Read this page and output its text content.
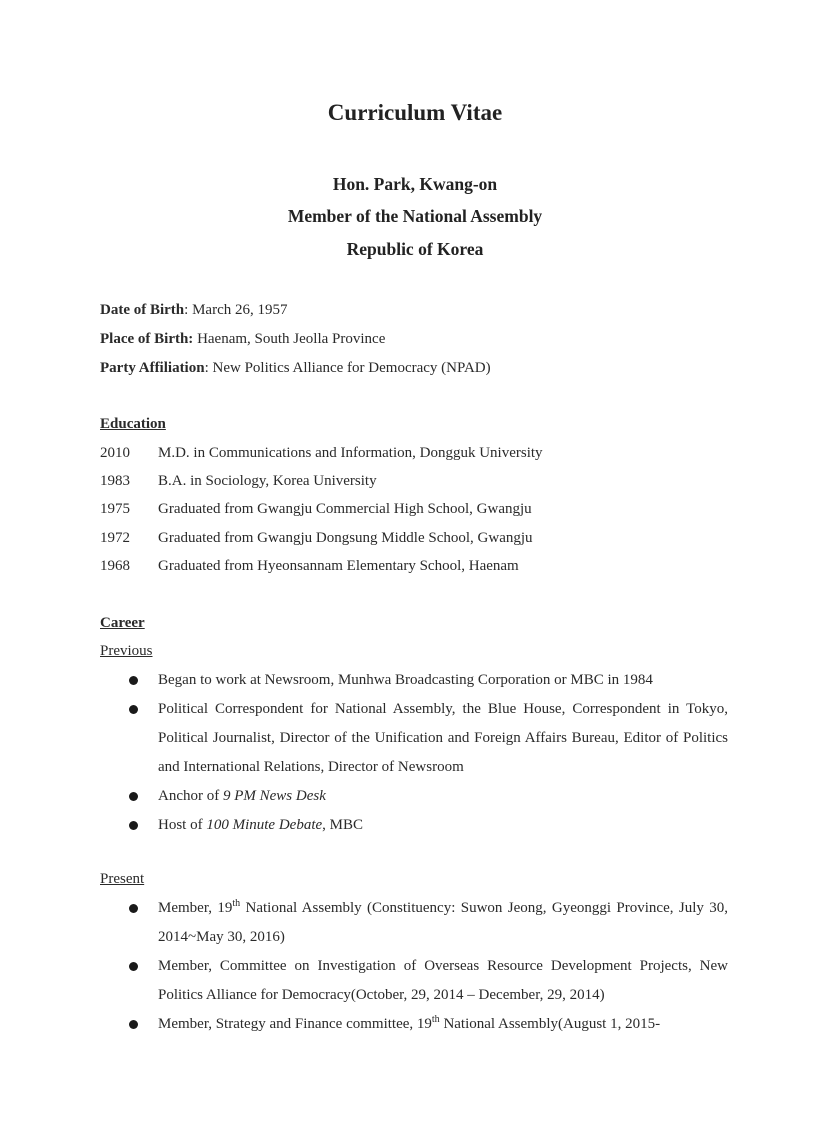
Curriculum Vitae

Hon. Park, Kwang-on

Member of the National Assembly

Republic of Korea

Date of Birth: March 26, 1957

Place of Birth: Haenam, South Jeolla Province

Party Affiliation: New Politics Alliance for Democracy (NPAD)

Education

2010 M.D. in Communications and Information, Dongguk University
1983 B.A. in Sociology, Korea University
1975 Graduated from Gwangju Commercial High School, Gwangju
1972 Graduated from Gwangju Dongsung Middle School, Gwangju
1968 Graduated from Hyeonsannam Elementary School, Haenam

Career

Previous

Began to work at Newsroom, Munhwa Broadcasting Corporation or MBC in 1984
Political Correspondent for National Assembly, the Blue House, Correspondent in Tokyo, Political Journalist, Director of the Unification and Foreign Affairs Bureau, Editor of Politics and International Relations, Director of Newsroom
Anchor of 9 PM News Desk
Host of 100 Minute Debate, MBC

Present

Member, 19th National Assembly (Constituency: Suwon Jeong, Gyeonggi Province, July 30, 2014~May 30, 2016)
Member, Committee on Investigation of Overseas Resource Development Projects, New Politics Alliance for Democracy(October, 29, 2014 – December, 29, 2014)
Member, Strategy and Finance committee, 19th National Assembly(August 1, 2015-
